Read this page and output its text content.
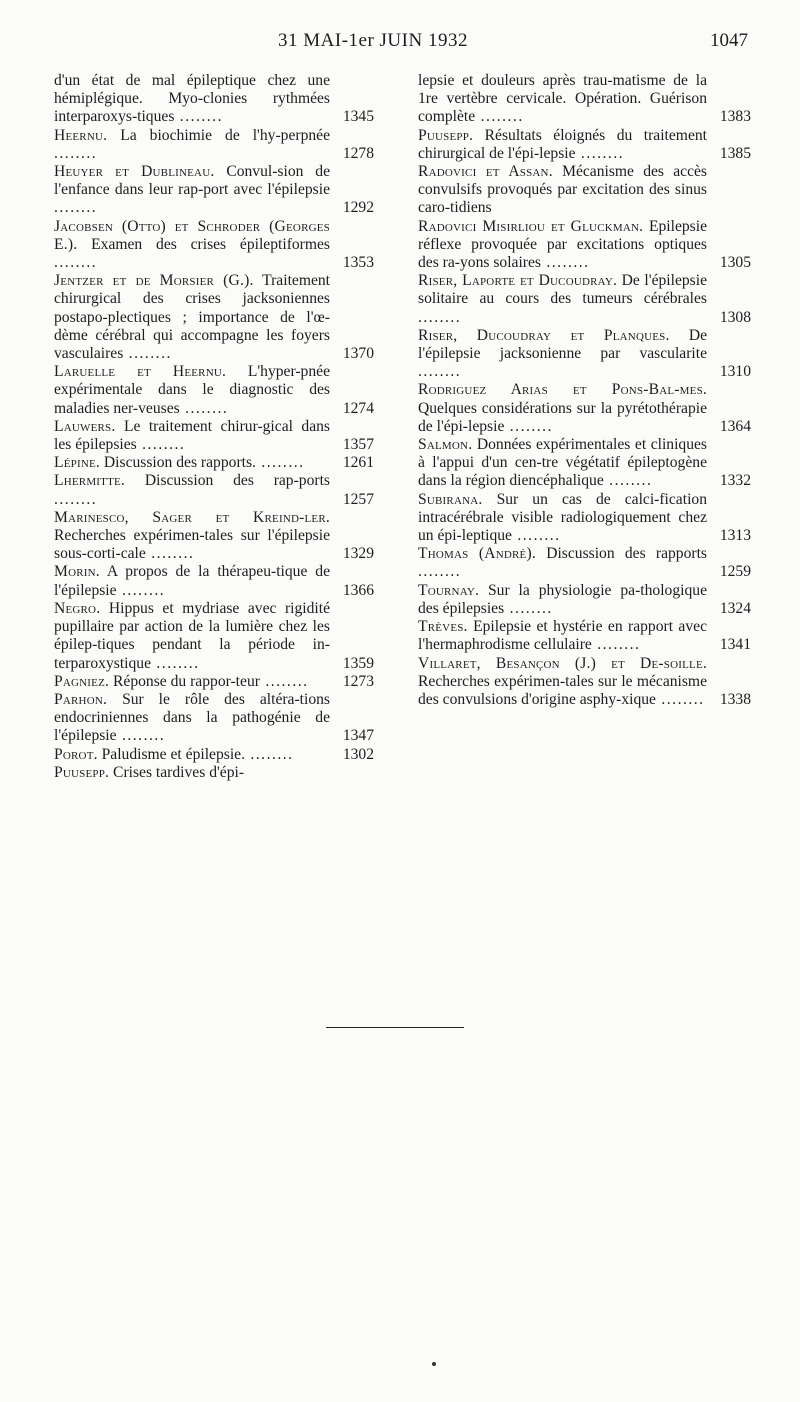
31 MAI-1er JUIN 1932	1047
1345
d'un état de mal épileptique chez une hémiplégique. Myo-clonies rythmées interparoxys-tiques ........
1278
Heernu. La biochimie de l'hy-perpnée ........
1292
Heuyer et Dublineau. Convul-sion de l'enfance dans leur rap-port avec l'épilepsie ........
1353
Jacobsen (Otto) et Schroder (Georges E.). Examen des crises épileptiformes ........
1370
Jentzer et de Morsier (G.). Traitement chirurgical des crises jacksoniennes postapo-plectiques ; importance de l'œ-dème cérébral qui accompagne les foyers vasculaires ........
1274
Laruelle et Heernu. L'hyper-pnée expérimentale dans le diagnostic des maladies ner-veuses ........
1357
Lauwers. Le traitement chirur-gical dans les épilepsies ........
1261
Lépine. Discussion des rapports. ........
1257
Lhermitte. Discussion des rap-ports ........
1329
Marinesco, Sager et Kreind-ler. Recherches expérimen-tales sur l'épilepsie sous-corti-cale ........
1366
Morin. A propos de la thérapeu-tique de l'épilepsie ........
1359
Negro. Hippus et mydriase avec rigidité pupillaire par action de la lumière chez les épilep-tiques pendant la période in-terparoxystique ........
1273
Pagniez. Réponse du rappor-teur ........
1347
Parhon. Sur le rôle des altéra-tions endocriniennes dans la pathogénie de l'épilepsie ........
1302
Porot. Paludisme et épilepsie. ........
Puusepp. Crises tardives d'épi-
1383
lepsie et douleurs après trau-matisme de la 1re vertèbre cervicale. Opération. Guérison complète ........
1385
Puusepp. Résultats éloignés du traitement chirurgical de l'épi-lepsie ........
Radovici et Assan. Mécanisme des accès convulsifs provoqués par excitation des sinus caro-tidiens
1305
Radovici Misirliou et Gluckman. Epilepsie réflexe provoquée par excitations optiques des ra-yons solaires ........
1308
Riser, Laporte et Ducoudray. De l'épilepsie solitaire au cours des tumeurs cérébrales ........
1310
Riser, Ducoudray et Planques. De l'épilepsie jacksonienne par vascularite ........
1364
Rodriguez Arias et Pons-Bal-mes. Quelques considérations sur la pyrétothérapie de l'épi-lepsie ........
1332
Salmon. Données expérimentales et cliniques à l'appui d'un cen-tre végétatif épileptogène dans la région diencéphalique ........
1313
Subirana. Sur un cas de calci-fication intracérébrale visible radiologiquement chez un épi-leptique ........
1259
Thomas (André). Discussion des rapports ........
1324
Tournay. Sur la physiologie pa-thologique des épilepsies ........
1341
Trèves. Epilepsie et hystérie en rapport avec l'hermaphrodisme cellulaire ........
1338
Villaret, Besançon (J.) et De-soille. Recherches expérimen-tales sur le mécanisme des convulsions d'origine asphy-xique ........
